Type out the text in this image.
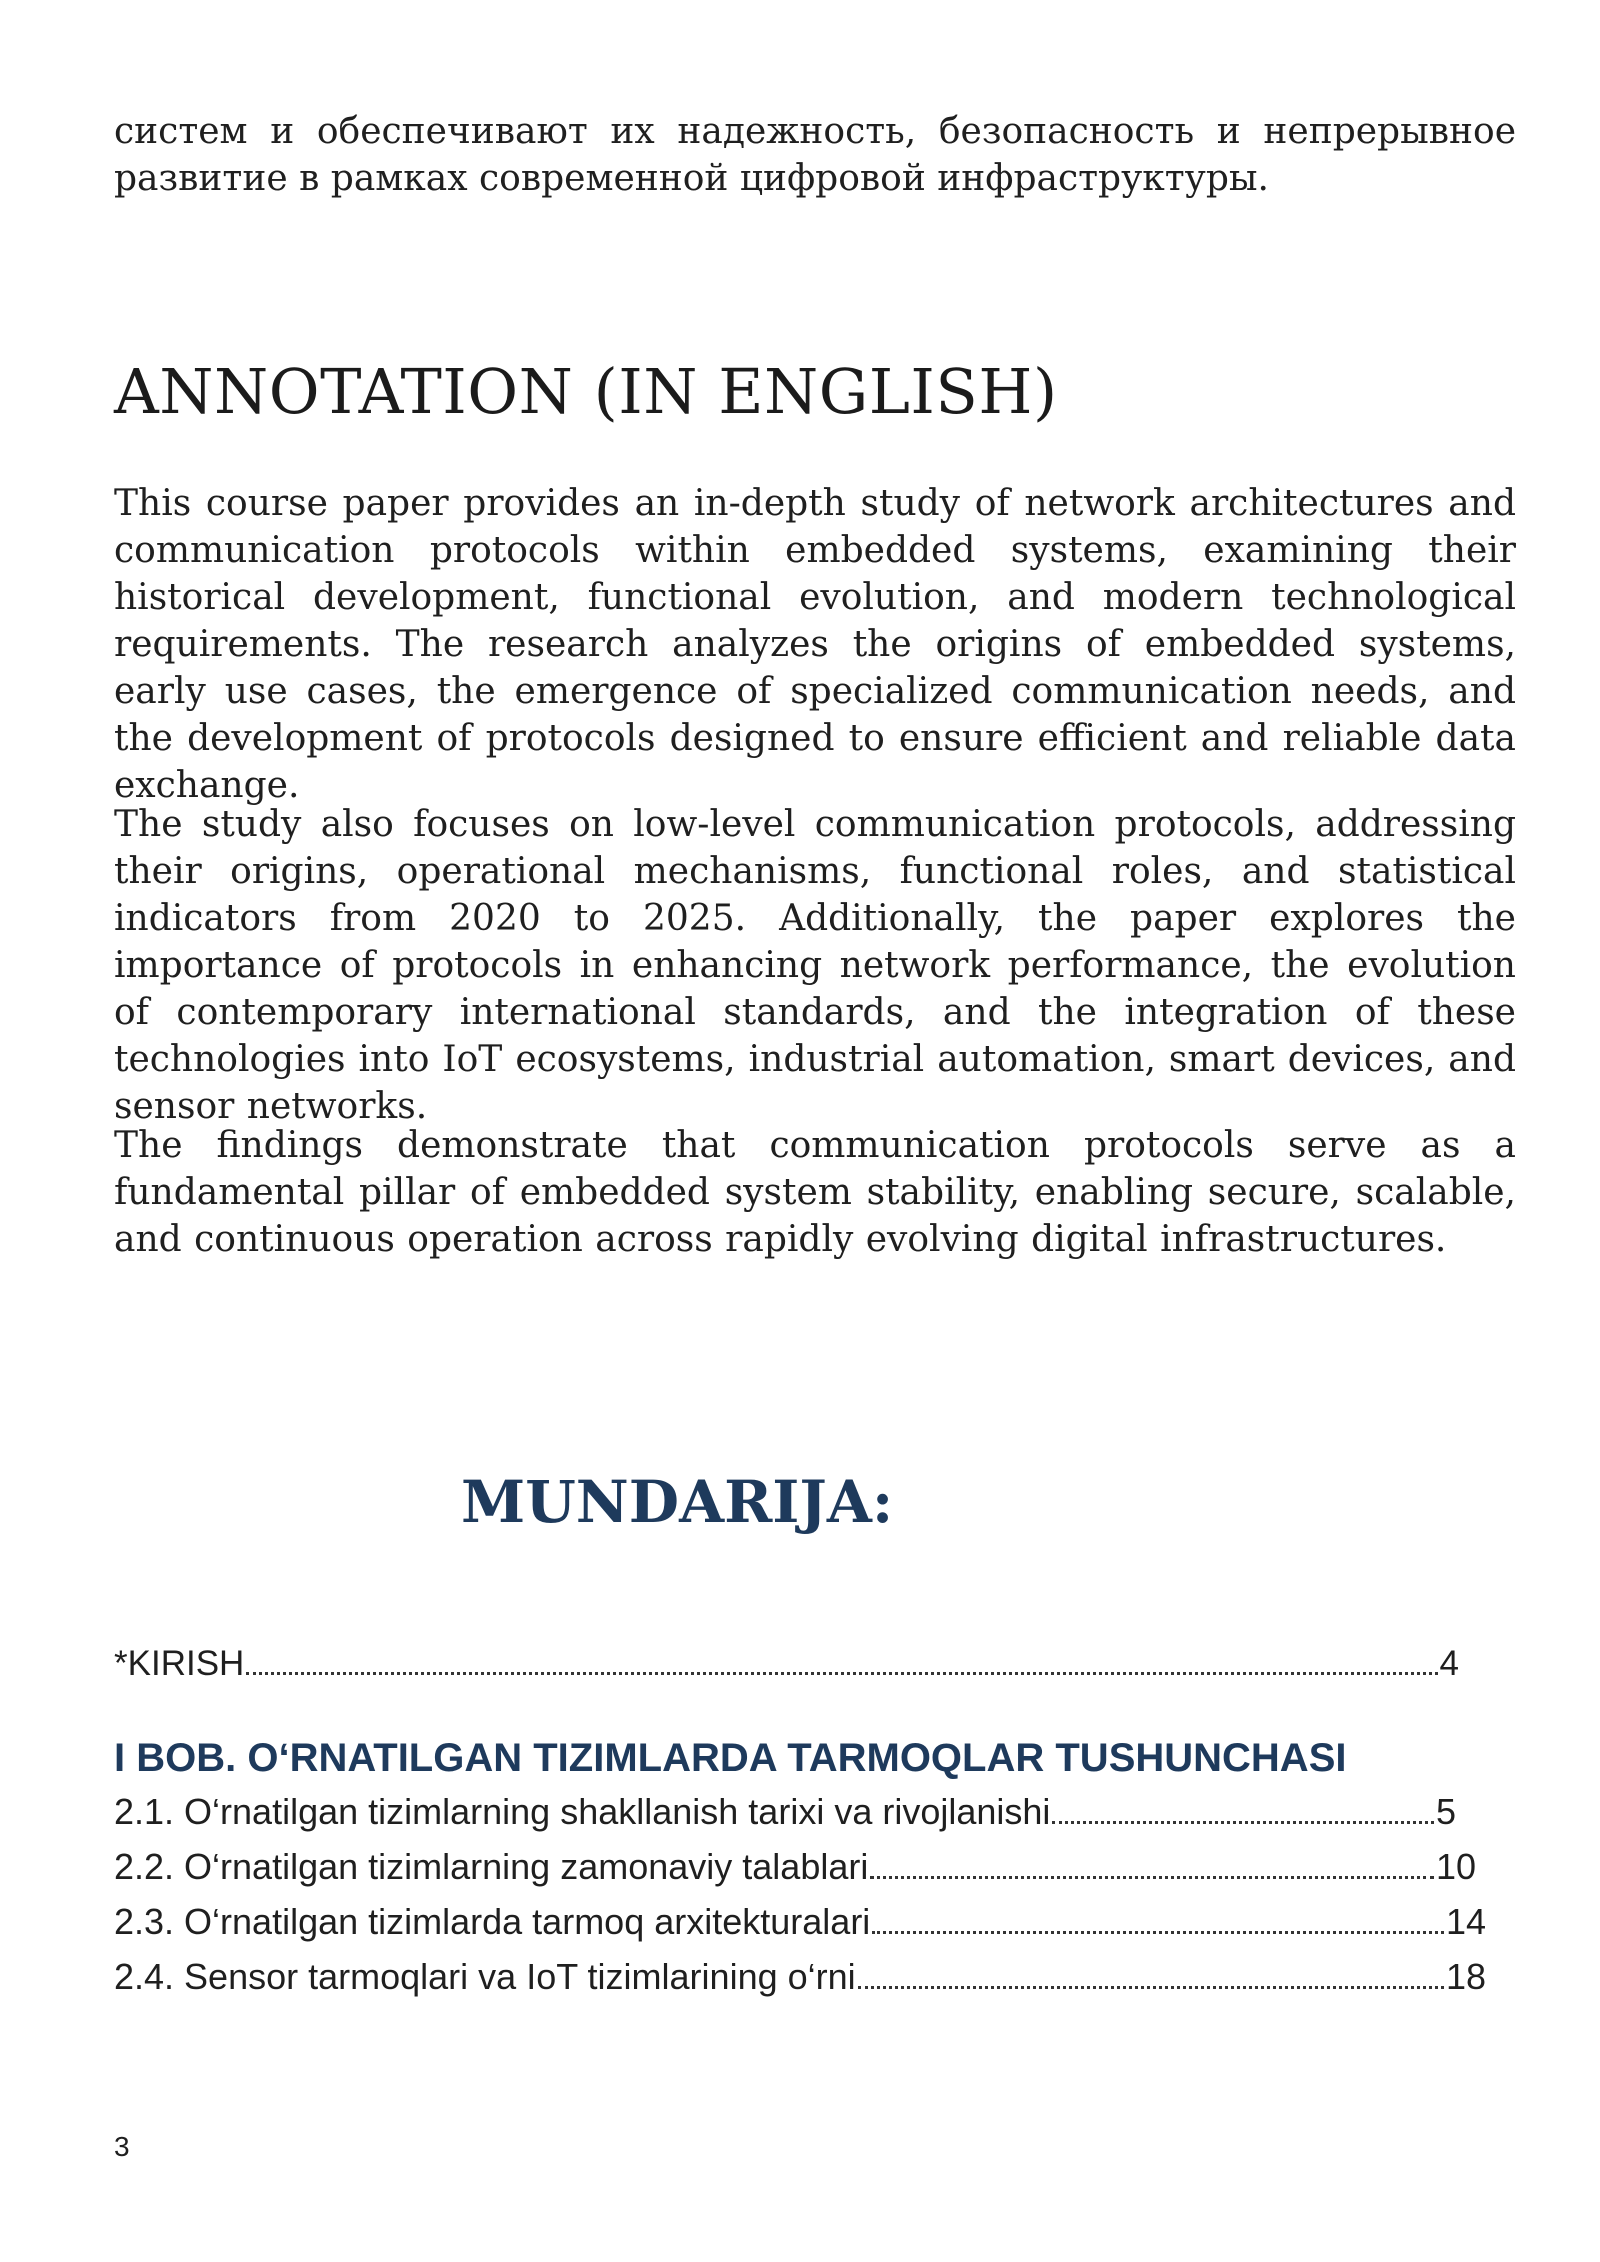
систем и обеспечивают их надежность, безопасность и непрерывное развитие в рамках современной цифровой инфраструктуры.

ANNOTATION (IN ENGLISH)

This course paper provides an in-depth study of network architectures and communication protocols within embedded systems, examining their historical development, functional evolution, and modern technological requirements. The research analyzes the origins of embedded systems, early use cases, the emergence of specialized communication needs, and the development of protocols designed to ensure efficient and reliable data exchange.

The study also focuses on low-level communication protocols, addressing their origins, operational mechanisms, functional roles, and statistical indicators from 2020 to 2025. Additionally, the paper explores the importance of protocols in enhancing network performance, the evolution of contemporary international standards, and the integration of these technologies into IoT ecosystems, industrial automation, smart devices, and sensor networks.

The findings demonstrate that communication protocols serve as a fundamental pillar of embedded system stability, enabling secure, scalable, and continuous operation across rapidly evolving digital infrastructures.

MUNDARIJA:
*KIRISH	4
I BOB. O‘RNATILGAN TIZIMLARDA TARMOQLAR TUSHUNCHASI
2.1. O‘rnatilgan tizimlarning shakllanish tarixi va rivojlanishi	5
2.2. O‘rnatilgan tizimlarning zamonaviy talablari	10
2.3. O‘rnatilgan tizimlarda tarmoq arxitekturalari	14
2.4. Sensor tarmoqlari va IoT tizimlarining o‘rni	18
3
